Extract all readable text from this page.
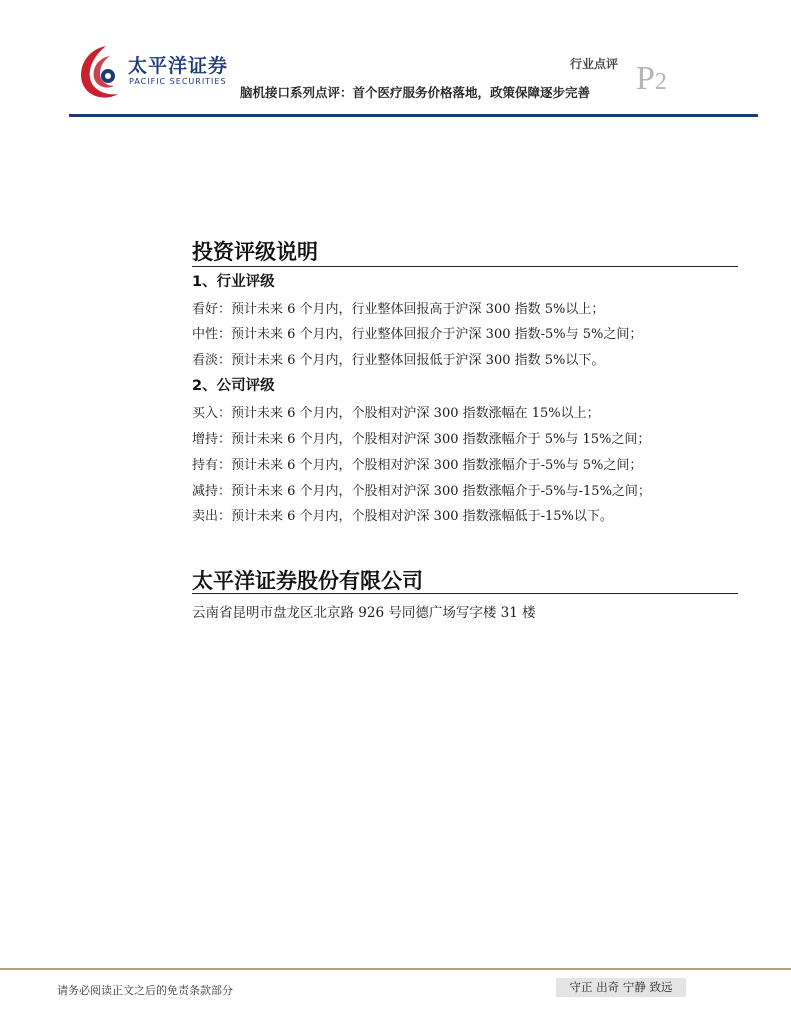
太平洋证券
PACIFIC SECURITIES
行业点评
脑机接口系列点评：首个医疗服务价格落地，政策保障逐步完善 P2
投资评级说明
1、行业评级
看好：预计未来 6 个月内，行业整体回报高于沪深 300 指数 5%以上；
中性：预计未来 6 个月内，行业整体回报介于沪深 300 指数-5%与 5%之间；
看淡：预计未来 6 个月内，行业整体回报低于沪深 300 指数 5%以下。
2、公司评级
买入：预计未来 6 个月内，个股相对沪深 300 指数涨幅在 15%以上；
增持：预计未来 6 个月内，个股相对沪深 300 指数涨幅介于 5%与 15%之间；
持有：预计未来 6 个月内，个股相对沪深 300 指数涨幅介于-5%与 5%之间；
减持：预计未来 6 个月内，个股相对沪深 300 指数涨幅介于-5%与-15%之间；
卖出：预计未来 6 个月内，个股相对沪深 300 指数涨幅低于-15%以下。
太平洋证券股份有限公司
云南省昆明市盘龙区北京路 926 号同德广场写字楼 31 楼
请务必阅读正文之后的免责条款部分	守正 出奇 宁静 致远
